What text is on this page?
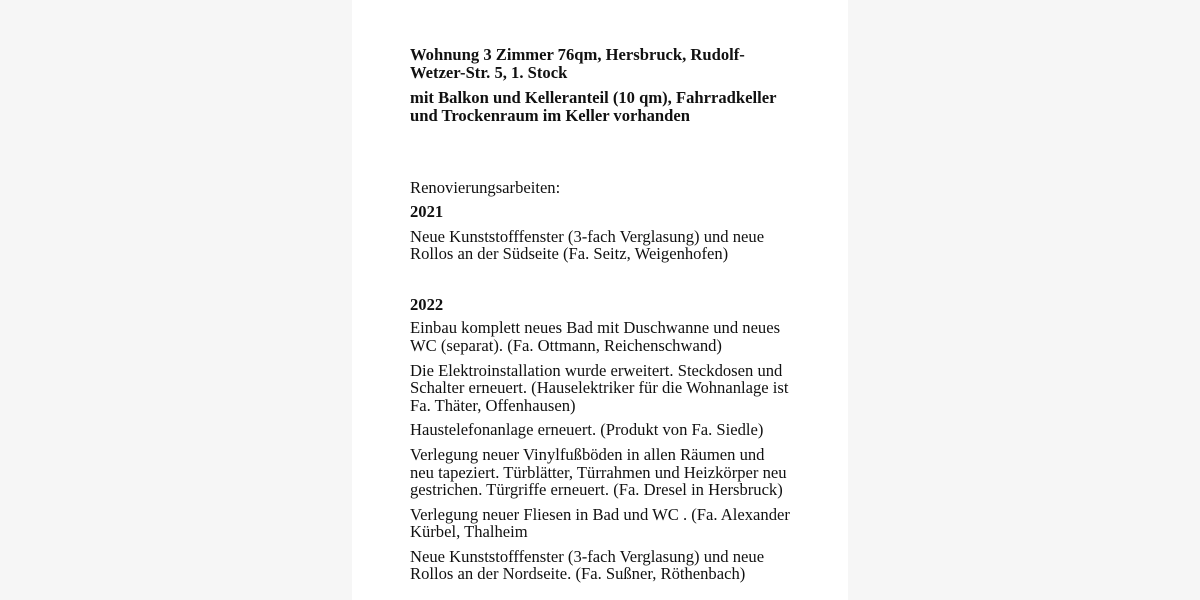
Wohnung 3 Zimmer 76qm, Hersbruck, Rudolf-Wetzer-Str. 5, 1. Stock

mit Balkon und Kelleranteil (10 qm), Fahrradkeller und Trockenraum im Keller vorhanden

Renovierungsarbeiten:

2021

Neue Kunststofffenster (3-fach Verglasung) und neue Rollos an der Südseite (Fa. Seitz, Weigenhofen)

2022

Einbau komplett neues Bad mit Duschwanne und neues WC (separat). (Fa. Ottmann, Reichenschwand)

Die Elektroinstallation wurde erweitert. Steckdosen und Schalter erneuert. (Hauselektriker für die Wohnanlage ist Fa. Thäter, Offenhausen)

Haustelefonanlage erneuert. (Produkt von Fa. Siedle)

Verlegung neuer Vinylfußböden in allen Räumen und neu tapeziert. Türblätter, Türrahmen und Heizkörper neu gestrichen. Türgriffe erneuert. (Fa. Dresel in Hersbruck)

Verlegung neuer Fliesen in Bad und WC . (Fa. Alexander Kürbel, Thalheim

Neue Kunststofffenster (3-fach Verglasung) und neue Rollos an der Nordseite. (Fa. Sußner, Röthenbach)
